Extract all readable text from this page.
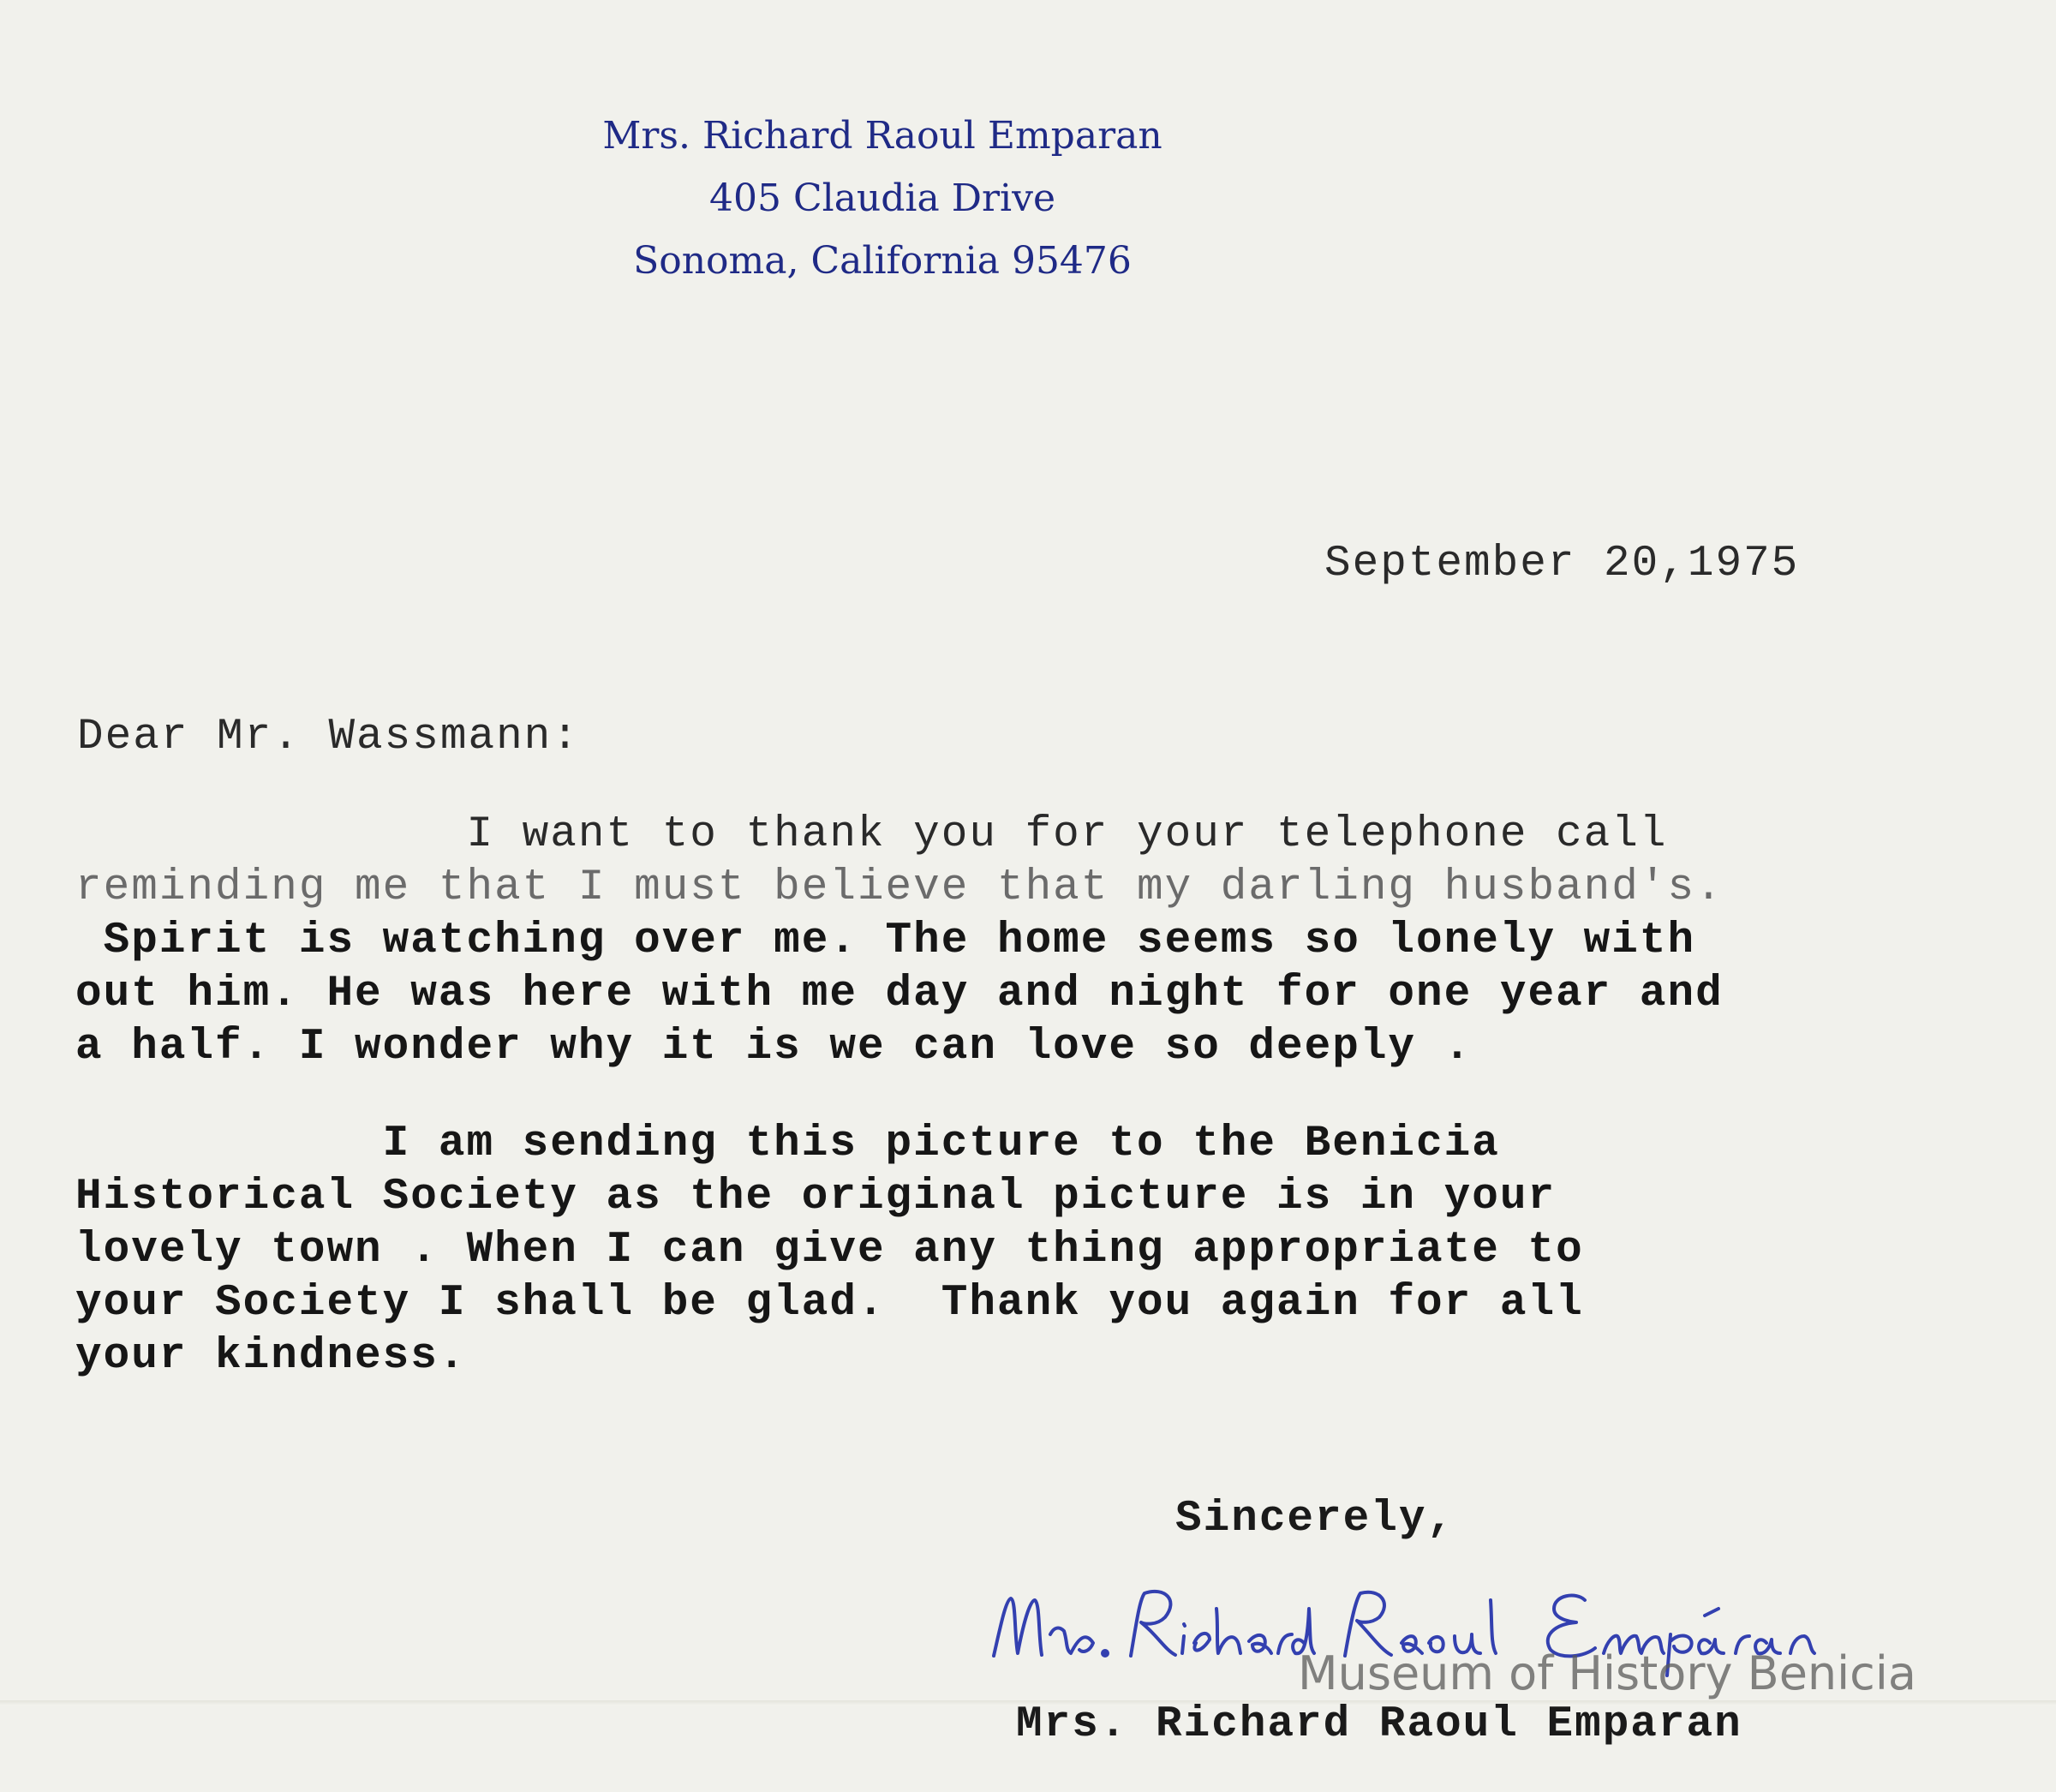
Mrs. Richard Raoul Emparan
405 Claudia Drive
Sonoma, California 95476
September 20,1975
Dear Mr. Wassmann:
I want to thank you for your telephone call
reminding me that I must believe that my darling husband's.
Spirit is watching over me. The home seems so lonely with
out him. He was here with me day and night for one year and
a half. I wonder why it is we can love so deeply .
I am sending this picture to the Benicia
Historical Society as the original picture is in your
lovely town . When I can give any thing appropriate to
your Society I shall be glad.  Thank you again for all
your kindness.
Sincerely,
Museum of History Benicia
Mrs. Richard Raoul Emparan
